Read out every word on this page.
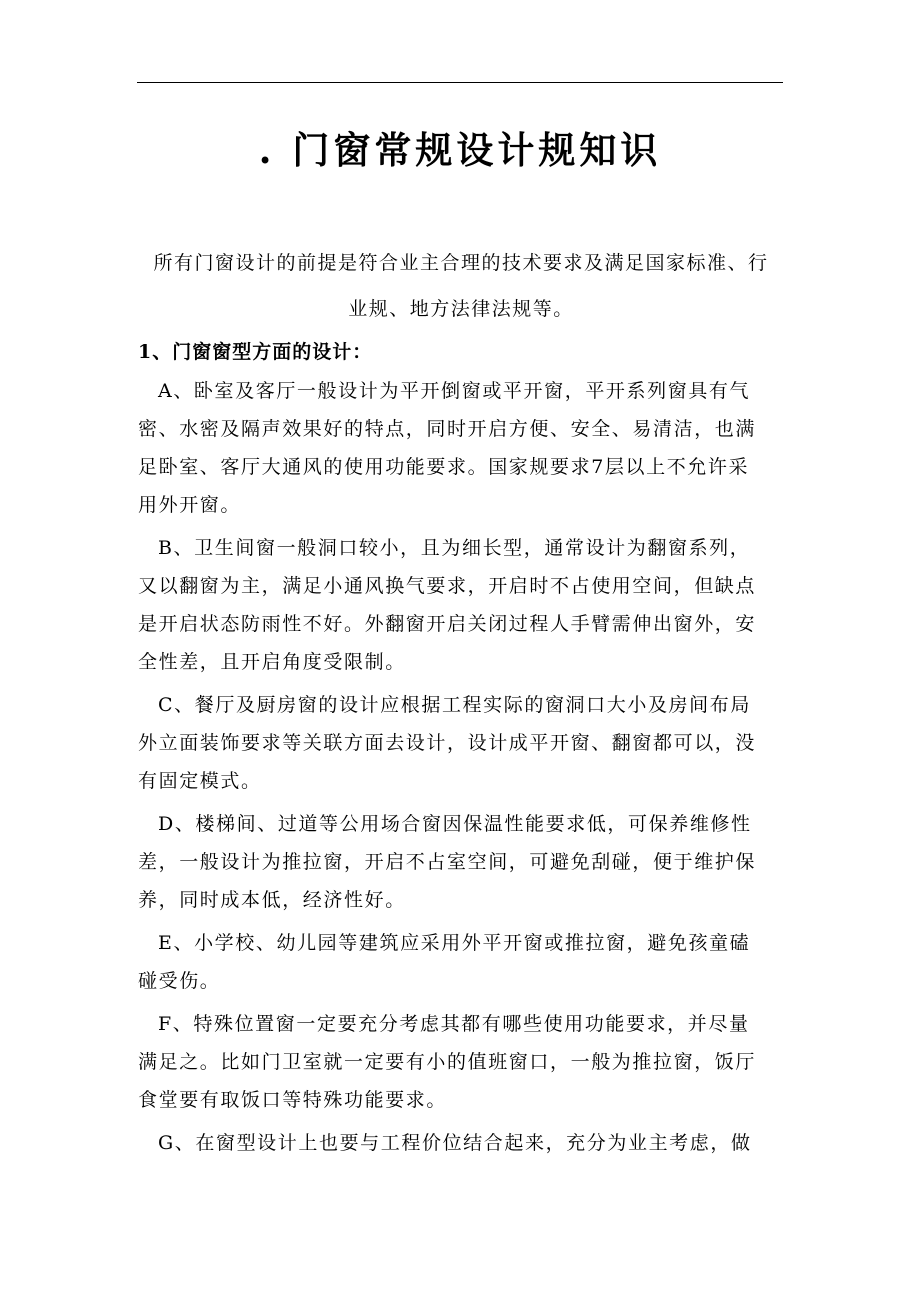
. 门窗常规设计规知识
所有门窗设计的前提是符合业主合理的技术要求及满足国家标准、行
业规、地方法律法规等。
1、门窗窗型方面的设计：
A、卧室及客厅一般设计为平开倒窗或平开窗，平开系列窗具有气
密、水密及隔声效果好的特点，同时开启方便、安全、易清洁，也满
足卧室、客厅大通风的使用功能要求。国家规要求7层以上不允许采
用外开窗。
B、卫生间窗一般洞口较小，且为细长型，通常设计为翻窗系列，
又以翻窗为主，满足小通风换气要求，开启时不占使用空间，但缺点
是开启状态防雨性不好。外翻窗开启关闭过程人手臂需伸出窗外，安
全性差，且开启角度受限制。
C、餐厅及厨房窗的设计应根据工程实际的窗洞口大小及房间布局
外立面装饰要求等关联方面去设计，设计成平开窗、翻窗都可以，没
有固定模式。
D、楼梯间、过道等公用场合窗因保温性能要求低，可保养维修性
差，一般设计为推拉窗，开启不占室空间，可避免刮碰，便于维护保
养，同时成本低，经济性好。
E、小学校、幼儿园等建筑应采用外平开窗或推拉窗，避免孩童磕
碰受伤。
F、特殊位置窗一定要充分考虑其都有哪些使用功能要求，并尽量
满足之。比如门卫室就一定要有小的值班窗口，一般为推拉窗，饭厅
食堂要有取饭口等特殊功能要求。
G、在窗型设计上也要与工程价位结合起来，充分为业主考虑，做
